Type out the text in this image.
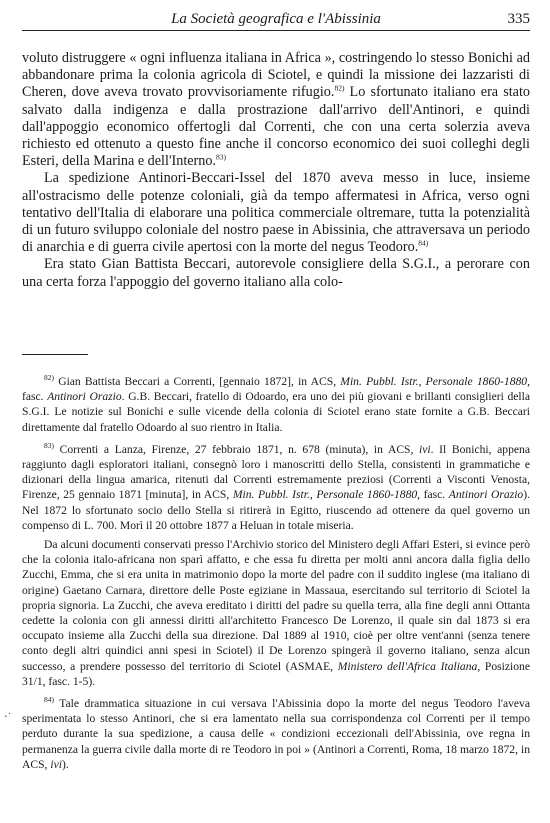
La Società geografica e l'Abissinia	335

voluto distruggere « ogni influenza italiana in Africa », costringendo lo stesso Bonichi ad abbandonare prima la colonia agricola di Sciotel, e quindi la missione dei lazzaristi di Cheren, dove aveva trovato provvisoriamente rifugio.$^{82)}$ Lo sfortunato italiano era stato salvato dalla indigenza e dalla prostrazione dall'arrivo dell'Antinori, e quindi dall'appoggio economico offertogli dal Correnti, che con una certa solerzia aveva richiesto ed ottenuto a questo fine anche il concorso economico dei suoi colleghi degli Esteri, della Marina e dell'Interno.$^{83)}$

La spedizione Antinori-Beccari-Issel del 1870 aveva messo in luce, insieme all'ostracismo delle potenze coloniali, già da tempo affermatesi in Africa, verso ogni tentativo dell'Italia di elaborare una politica commerciale oltremare, tutta la potenzialità di un futuro sviluppo coloniale del nostro paese in Abissinia, che attraversava un periodo di anarchia e di guerra civile apertosi con la morte del negus Teodoro.$^{84)}$

Era stato Gian Battista Beccari, autorevole consigliere della S.G.I., a perorare con una certa forza l'appoggio del governo italiano alla colo-

$^{82)}$ Gian Battista Beccari a Correnti, [gennaio 1872], in ACS, Min. Pubbl. Istr., Personale 1860-1880, fasc. Antinori Orazio. G.B. Beccari, fratello di Odoardo, era uno dei più giovani e brillanti consiglieri della S.G.I. Le notizie sul Bonichi e sulle vicende della colonia di Sciotel erano state fornite a G.B. Beccari direttamente dal fratello Odoardo al suo rientro in Italia.

$^{83)}$ Correnti a Lanza, Firenze, 27 febbraio 1871, n. 678 (minuta), in ACS, ivi. Il Bonichi, appena raggiunto dagli esploratori italiani, consegnò loro i manoscritti dello Stella, consistenti in grammatiche e dizionari della lingua amarica, ritenuti dal Correnti estremamente preziosi (Correnti a Visconti Venosta, Firenze, 25 gennaio 1871 [minuta], in ACS, Min. Pubbl. Istr., Personale 1860-1880, fasc. Antinori Orazio). Nel 1872 lo sfortunato socio dello Stella si ritirerà in Egitto, riuscendo ad ottenere da quel governo un compenso di L. 700. Morì il 20 ottobre 1877 a Heluan in totale miseria.

Da alcuni documenti conservati presso l'Archivio storico del Ministero degli Affari Esteri, si evince però che la colonia italo-africana non sparì affatto, e che essa fu diretta per molti anni ancora dalla figlia dello Zucchi, Emma, che si era unita in matrimonio dopo la morte del padre con il suddito inglese (ma italiano di origine) Gaetano Carnara, direttore delle Poste egiziane in Massaua, esercitando sul territorio di Sciotel la propria signoria. La Zucchi, che aveva ereditato i diritti del padre su quella terra, alla fine degli anni Ottanta cedette la colonia con gli annessi diritti all'architetto Francesco De Lorenzo, il quale sin dal 1873 si era occupato insieme alla Zucchi della sua direzione. Dal 1889 al 1910, cioè per oltre vent'anni (senza tenere conto degli altri quindici anni spesi in Sciotel) il De Lorenzo spingerà il governo italiano, senza alcun successo, a prendere possesso del territorio di Sciotel (ASMAE, Ministero dell'Africa Italiana, Posizione 31/1, fasc. 1-5).

$^{84)}$ Tale drammatica situazione in cui versava l'Abissinia dopo la morte del negus Teodoro l'aveva sperimentata lo stesso Antinori, che si era lamentato nella sua corrispondenza col Correnti per il tempo perduto durante la sua spedizione, a causa delle « condizioni eccezionali dell'Abissinia, ove regna in permanenza la guerra civile dalla morte di re Teodoro in poi » (Antinori a Correnti, Roma, 18 marzo 1872, in ACS, ivi).

⋅˙
